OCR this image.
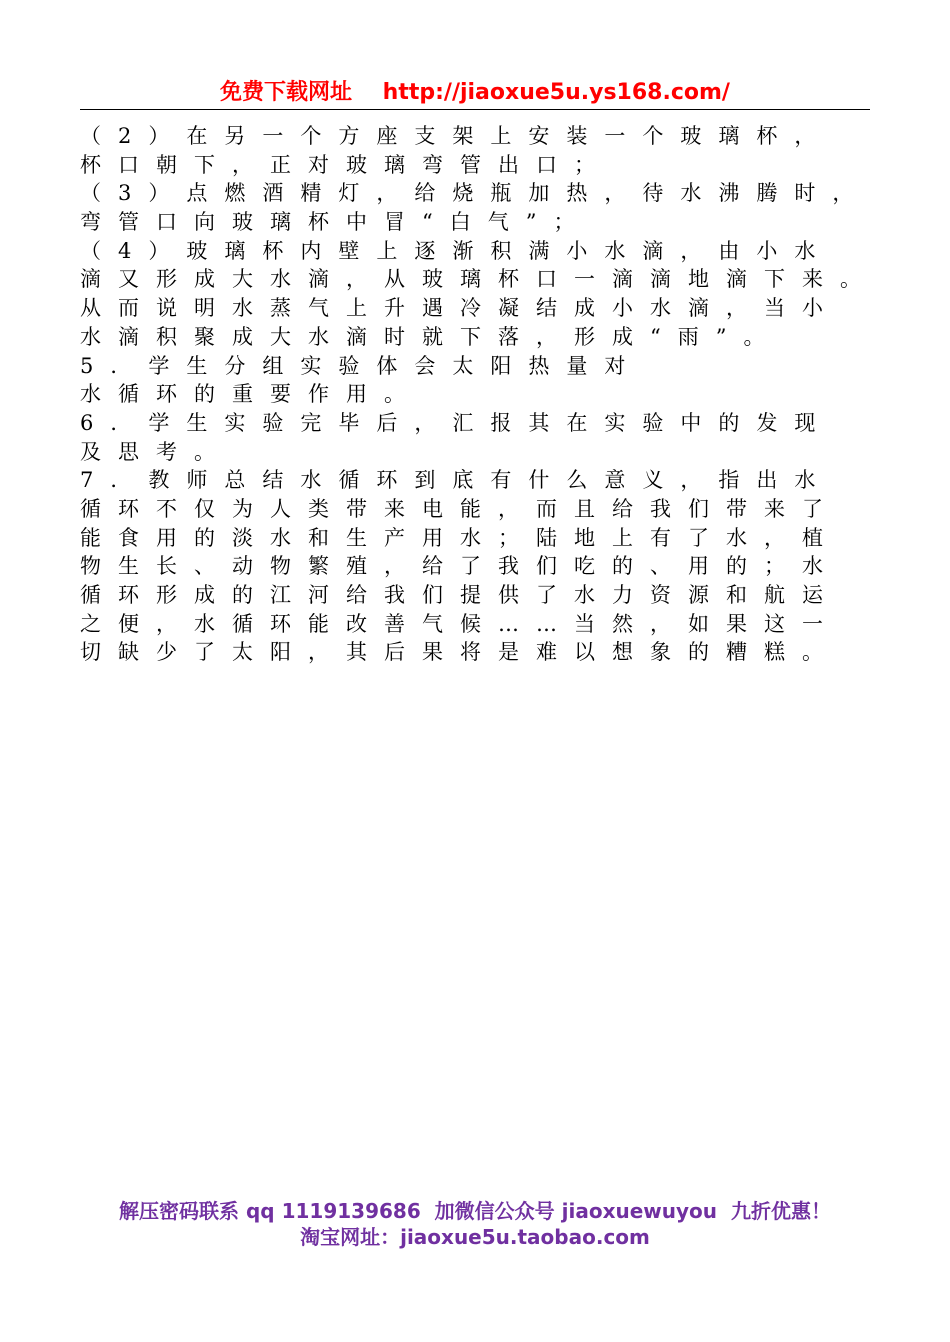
免费下载网址    http://jiaoxue5u.ys168.com/
（2）在另一个方座支架上安装一个玻璃杯，
杯口朝下，正对玻璃弯管出口；
（3）点燃酒精灯，给烧瓶加热，待水沸腾时，
弯管口向玻璃杯中冒“白气”；
（4）玻璃杯内壁上逐渐积满小水滴，由小水
滴又形成大水滴，从玻璃杯口一滴滴地滴下来。
从而说明水蒸气上升遇冷凝结成小水滴，当小
水滴积聚成大水滴时就下落，形成“雨”。
5．学生分组实验体会太阳热量对
水循环的重要作用。
6．学生实验完毕后，汇报其在实验中的发现
及思考。
7．教师总结水循环到底有什么意义，指出水
循环不仅为人类带来电能，而且给我们带来了
能食用的淡水和生产用水；陆地上有了水，植
物生长、动物繁殖，给了我们吃的、用的；水
循环形成的江河给我们提供了水力资源和航运
之便，水循环能改善气候……当然，如果这一
切缺少了太阳，其后果将是难以想象的糟糕。
解压密码联系 qq 1119139686  加微信公众号 jiaoxuewuyou  九折优惠！
淘宝网址：jiaoxue5u.taobao.com
